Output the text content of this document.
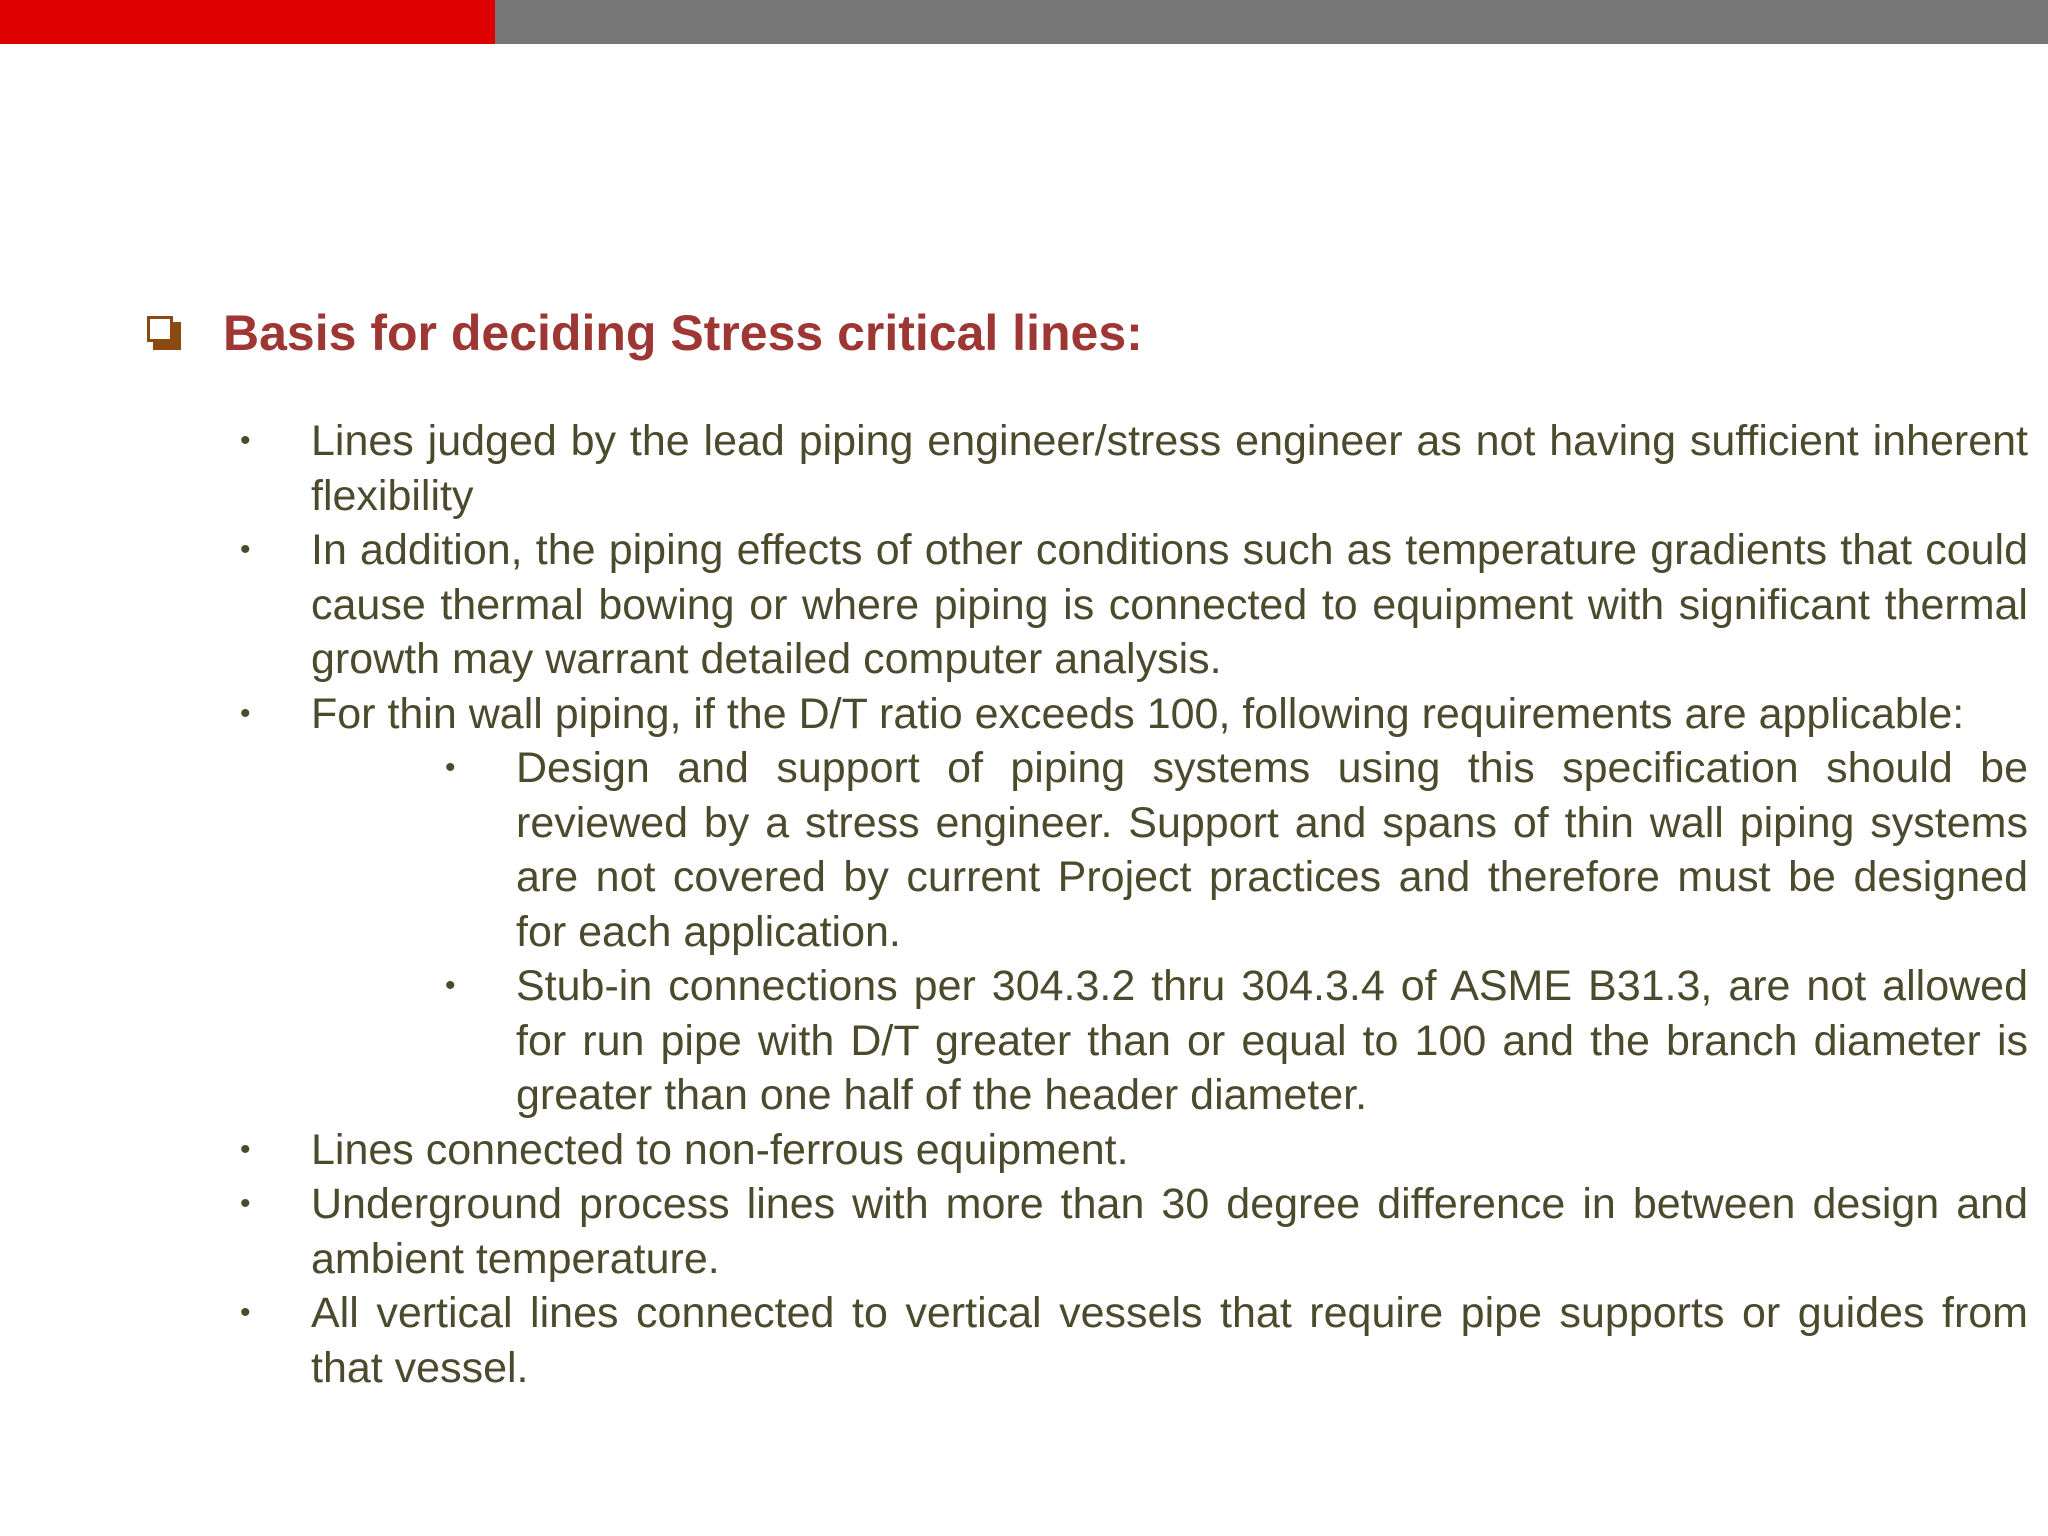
Basis for deciding Stress critical lines:
•	Lines judged by the lead piping engineer/stress engineer as not having sufficient inherent flexibility
•	In addition, the piping effects of other conditions such as temperature gradients that could cause thermal bowing or where piping is connected to equipment with significant thermal growth may warrant detailed computer analysis.
•	For thin wall piping, if the D/T ratio exceeds 100, following requirements are applicable:
•	Design and support of piping systems using this specification should be reviewed by a stress engineer. Support and spans of thin wall piping systems are not covered by current Project practices and therefore must be designed for each application.
•	Stub-in connections per 304.3.2 thru 304.3.4 of ASME B31.3, are not allowed for run pipe with D/T greater than or equal to 100 and the branch diameter is greater than one half of the header diameter.
•	Lines connected to non-ferrous equipment.
•	Underground process lines with more than 30 degree difference in between design and ambient temperature.
•	All vertical lines connected to vertical vessels that require pipe supports or guides from that vessel.
